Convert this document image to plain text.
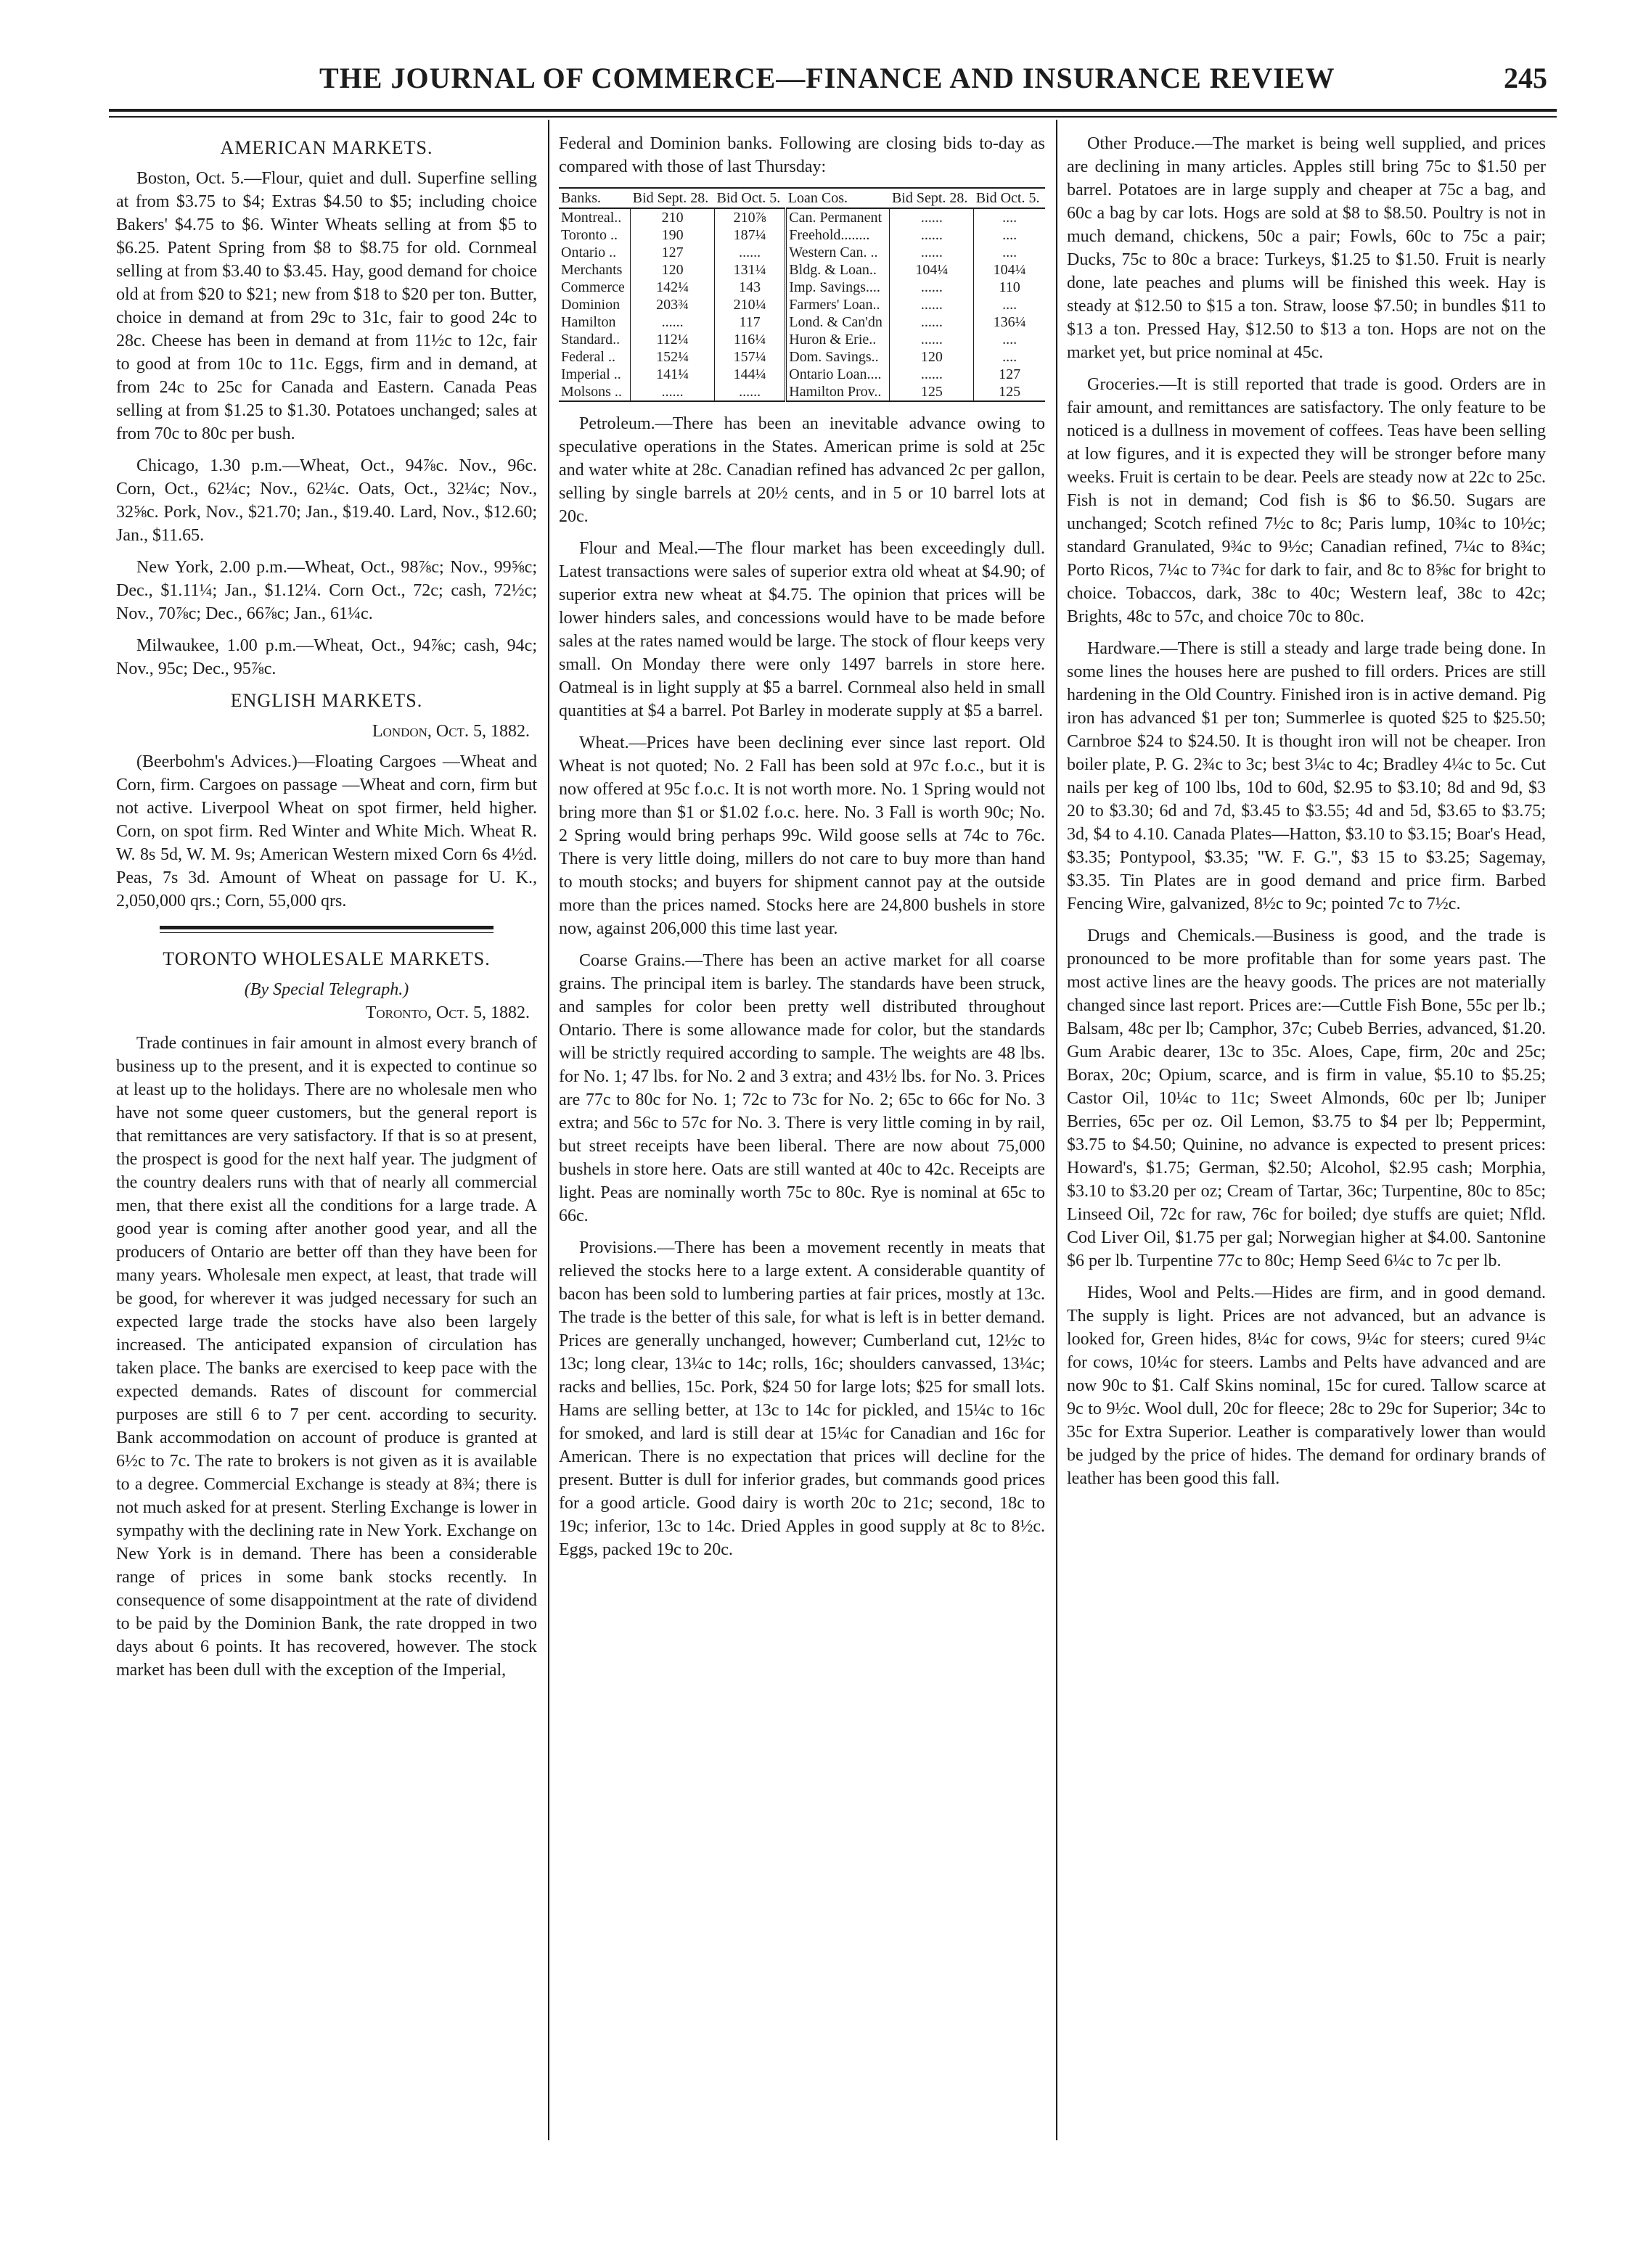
THE JOURNAL OF COMMERCE—FINANCE AND INSURANCE REVIEW	245

AMERICAN MARKETS.

Boston, Oct. 5.—Flour, quiet and dull. Superfine selling at from $3.75 to $4; Extras $4.50 to $5; including choice Bakers' $4.75 to $6. Winter Wheats selling at from $5 to $6.25. Patent Spring from $8 to $8.75 for old. Cornmeal selling at from $3.40 to $3.45. Hay, good demand for choice old at from $20 to $21; new from $18 to $20 per ton. Butter, choice in demand at from 29c to 31c, fair to good 24c to 28c. Cheese has been in demand at from 11½c to 12c, fair to good at from 10c to 11c. Eggs, firm and in demand, at from 24c to 25c for Canada and Eastern. Canada Peas selling at from $1.25 to $1.30. Potatoes unchanged; sales at from 70c to 80c per bush.

Chicago, 1.30 p.m.—Wheat, Oct., 94⅞c. Nov., 96c. Corn, Oct., 62¼c; Nov., 62¼c. Oats, Oct., 32¼c; Nov., 32⅝c. Pork, Nov., $21.70; Jan., $19.40. Lard, Nov., $12.60; Jan., $11.65.

New York, 2.00 p.m.—Wheat, Oct., 98⅞c; Nov., 99⅝c; Dec., $1.11¼; Jan., $1.12¼. Corn Oct., 72c; cash, 72½c; Nov., 70⅞c; Dec., 66⅞c; Jan., 61¼c.

Milwaukee, 1.00 p.m.—Wheat, Oct., 94⅞c; cash, 94c; Nov., 95c; Dec., 95⅞c.

ENGLISH MARKETS.

London, Oct. 5, 1882.

(Beerbohm's Advices.)—Floating Cargoes —Wheat and Corn, firm. Cargoes on passage —Wheat and corn, firm but not active. Liverpool Wheat on spot firmer, held higher. Corn, on spot firm. Red Winter and White Mich. Wheat R. W. 8s 5d, W. M. 9s; American Western mixed Corn 6s 4½d. Peas, 7s 3d. Amount of Wheat on passage for U. K., 2,050,000 qrs.; Corn, 55,000 qrs.

TORONTO WHOLESALE MARKETS.

(By Special Telegraph.)

Toronto, Oct. 5, 1882.

Trade continues in fair amount in almost every branch of business up to the present, and it is expected to continue so at least up to the holidays. There are no wholesale men who have not some queer customers, but the general report is that remittances are very satisfactory. If that is so at present, the prospect is good for the next half year. The judgment of the country dealers runs with that of nearly all commercial men, that there exist all the conditions for a large trade. A good year is coming after another good year, and all the producers of Ontario are better off than they have been for many years. Wholesale men expect, at least, that trade will be good, for wherever it was judged necessary for such an expected large trade the stocks have also been largely increased. The anticipated expansion of circulation has taken place. The banks are exercised to keep pace with the expected demands. Rates of discount for commercial purposes are still 6 to 7 per cent. according to security. Bank accommodation on account of produce is granted at 6½c to 7c. The rate to brokers is not given as it is available to a degree. Commercial Exchange is steady at 8¾; there is not much asked for at present. Sterling Exchange is lower in sympathy with the declining rate in New York. Exchange on New York is in demand. There has been a considerable range of prices in some bank stocks recently. In consequence of some disappointment at the rate of dividend to be paid by the Dominion Bank, the rate dropped in two days about 6 points. It has recovered, however. The stock market has been dull with the exception of the Imperial,

Federal and Dominion banks. Following are closing bids to-day as compared with those of last Thursday:

Banks.	Bid Sept. 28.	Bid Oct. 5.	Loan Cos.	Bid Sept. 28.	Bid Oct. 5.
Montreal..	210	210⅞	Can. Permanent	......	....
Toronto ..	190	187¼	Freehold........	......	....
Ontario ..	127	......	Western Can. ..	......	....
Merchants	120	131¼	Bldg. & Loan..	104¼	104¼
Commerce	142¼	143	Imp. Savings....	......	110
Dominion	203¾	210¼	Farmers' Loan..	......	....
Hamilton	......	117	Lond. & Can'dn	......	136¼
Standard..	112¼	116¼	Huron & Erie..	......	....
Federal ..	152¼	157¼	Dom. Savings..	120	....
Imperial ..	141¼	144¼	Ontario Loan....	......	127
Molsons ..	......	......	Hamilton Prov..	125	125

Petroleum.—There has been an inevitable advance owing to speculative operations in the States. American prime is sold at 25c and water white at 28c. Canadian refined has advanced 2c per gallon, selling by single barrels at 20½ cents, and in 5 or 10 barrel lots at 20c.

Flour and Meal.—The flour market has been exceedingly dull. Latest transactions were sales of superior extra old wheat at $4.90; of superior extra new wheat at $4.75. The opinion that prices will be lower hinders sales, and concessions would have to be made before sales at the rates named would be large. The stock of flour keeps very small. On Monday there were only 1497 barrels in store here. Oatmeal is in light supply at $5 a barrel. Cornmeal also held in small quantities at $4 a barrel. Pot Barley in moderate supply at $5 a barrel.

Wheat.—Prices have been declining ever since last report. Old Wheat is not quoted; No. 2 Fall has been sold at 97c f.o.c., but it is now offered at 95c f.o.c. It is not worth more. No. 1 Spring would not bring more than $1 or $1.02 f.o.c. here. No. 3 Fall is worth 90c; No. 2 Spring would bring perhaps 99c. Wild goose sells at 74c to 76c. There is very little doing, millers do not care to buy more than hand to mouth stocks; and buyers for shipment cannot pay at the outside more than the prices named. Stocks here are 24,800 bushels in store now, against 206,000 this time last year.

Coarse Grains.—There has been an active market for all coarse grains. The principal item is barley. The standards have been struck, and samples for color been pretty well distributed throughout Ontario. There is some allowance made for color, but the standards will be strictly required according to sample. The weights are 48 lbs. for No. 1; 47 lbs. for No. 2 and 3 extra; and 43½ lbs. for No. 3. Prices are 77c to 80c for No. 1; 72c to 73c for No. 2; 65c to 66c for No. 3 extra; and 56c to 57c for No. 3. There is very little coming in by rail, but street receipts have been liberal. There are now about 75,000 bushels in store here. Oats are still wanted at 40c to 42c. Receipts are light. Peas are nominally worth 75c to 80c. Rye is nominal at 65c to 66c.

Provisions.—There has been a movement recently in meats that relieved the stocks here to a large extent. A considerable quantity of bacon has been sold to lumbering parties at fair prices, mostly at 13c. The trade is the better of this sale, for what is left is in better demand. Prices are generally unchanged, however; Cumberland cut, 12½c to 13c; long clear, 13¼c to 14c; rolls, 16c; shoulders canvassed, 13¼c; racks and bellies, 15c. Pork, $24 50 for large lots; $25 for small lots. Hams are selling better, at 13c to 14c for pickled, and 15¼c to 16c for smoked, and lard is still dear at 15¼c for Canadian and 16c for American. There is no expectation that prices will decline for the present. Butter is dull for inferior grades, but commands good prices for a good article. Good dairy is worth 20c to 21c; second, 18c to 19c; inferior, 13c to 14c. Dried Apples in good supply at 8c to 8½c. Eggs, packed 19c to 20c.

Other Produce.—The market is being well supplied, and prices are declining in many articles. Apples still bring 75c to $1.50 per barrel. Potatoes are in large supply and cheaper at 75c a bag, and 60c a bag by car lots. Hogs are sold at $8 to $8.50. Poultry is not in much demand, chickens, 50c a pair; Fowls, 60c to 75c a pair; Ducks, 75c to 80c a brace: Turkeys, $1.25 to $1.50. Fruit is nearly done, late peaches and plums will be finished this week. Hay is steady at $12.50 to $15 a ton. Straw, loose $7.50; in bundles $11 to $13 a ton. Pressed Hay, $12.50 to $13 a ton. Hops are not on the market yet, but price nominal at 45c.

Groceries.—It is still reported that trade is good. Orders are in fair amount, and remittances are satisfactory. The only feature to be noticed is a dullness in movement of coffees. Teas have been selling at low figures, and it is expected they will be stronger before many weeks. Fruit is certain to be dear. Peels are steady now at 22c to 25c. Fish is not in demand; Cod fish is $6 to $6.50. Sugars are unchanged; Scotch refined 7½c to 8c; Paris lump, 10¾c to 10½c; standard Granulated, 9¾c to 9½c; Canadian refined, 7¼c to 8¾c; Porto Ricos, 7¼c to 7¾c for dark to fair, and 8c to 8⅝c for bright to choice. Tobaccos, dark, 38c to 40c; Western leaf, 38c to 42c; Brights, 48c to 57c, and choice 70c to 80c.

Hardware.—There is still a steady and large trade being done. In some lines the houses here are pushed to fill orders. Prices are still hardening in the Old Country. Finished iron is in active demand. Pig iron has advanced $1 per ton; Summerlee is quoted $25 to $25.50; Carnbroe $24 to $24.50. It is thought iron will not be cheaper. Iron boiler plate, P. G. 2¾c to 3c; best 3¼c to 4c; Bradley 4¼c to 5c. Cut nails per keg of 100 lbs, 10d to 60d, $2.95 to $3.10; 8d and 9d, $3 20 to $3.30; 6d and 7d, $3.45 to $3.55; 4d and 5d, $3.65 to $3.75; 3d, $4 to 4.10. Canada Plates—Hatton, $3.10 to $3.15; Boar's Head, $3.35; Pontypool, $3.35; "W. F. G.", $3 15 to $3.25; Sagemay, $3.35. Tin Plates are in good demand and price firm. Barbed Fencing Wire, galvanized, 8½c to 9c; pointed 7c to 7½c.

Drugs and Chemicals.—Business is good, and the trade is pronounced to be more profitable than for some years past. The most active lines are the heavy goods. The prices are not materially changed since last report. Prices are:—Cuttle Fish Bone, 55c per lb.; Balsam, 48c per lb; Camphor, 37c; Cubeb Berries, advanced, $1.20. Gum Arabic dearer, 13c to 35c. Aloes, Cape, firm, 20c and 25c; Borax, 20c; Opium, scarce, and is firm in value, $5.10 to $5.25; Castor Oil, 10¼c to 11c; Sweet Almonds, 60c per lb; Juniper Berries, 65c per oz. Oil Lemon, $3.75 to $4 per lb; Peppermint, $3.75 to $4.50; Quinine, no advance is expected to present prices: Howard's, $1.75; German, $2.50; Alcohol, $2.95 cash; Morphia, $3.10 to $3.20 per oz; Cream of Tartar, 36c; Turpentine, 80c to 85c; Linseed Oil, 72c for raw, 76c for boiled; dye stuffs are quiet; Nfld. Cod Liver Oil, $1.75 per gal; Norwegian higher at $4.00. Santonine $6 per lb. Turpentine 77c to 80c; Hemp Seed 6¼c to 7c per lb.

Hides, Wool and Pelts.—Hides are firm, and in good demand. The supply is light. Prices are not advanced, but an advance is looked for, Green hides, 8¼c for cows, 9¼c for steers; cured 9¼c for cows, 10¼c for steers. Lambs and Pelts have advanced and are now 90c to $1. Calf Skins nominal, 15c for cured. Tallow scarce at 9c to 9½c. Wool dull, 20c for fleece; 28c to 29c for Superior; 34c to 35c for Extra Superior. Leather is comparatively lower than would be judged by the price of hides. The demand for ordinary brands of leather has been good this fall.
